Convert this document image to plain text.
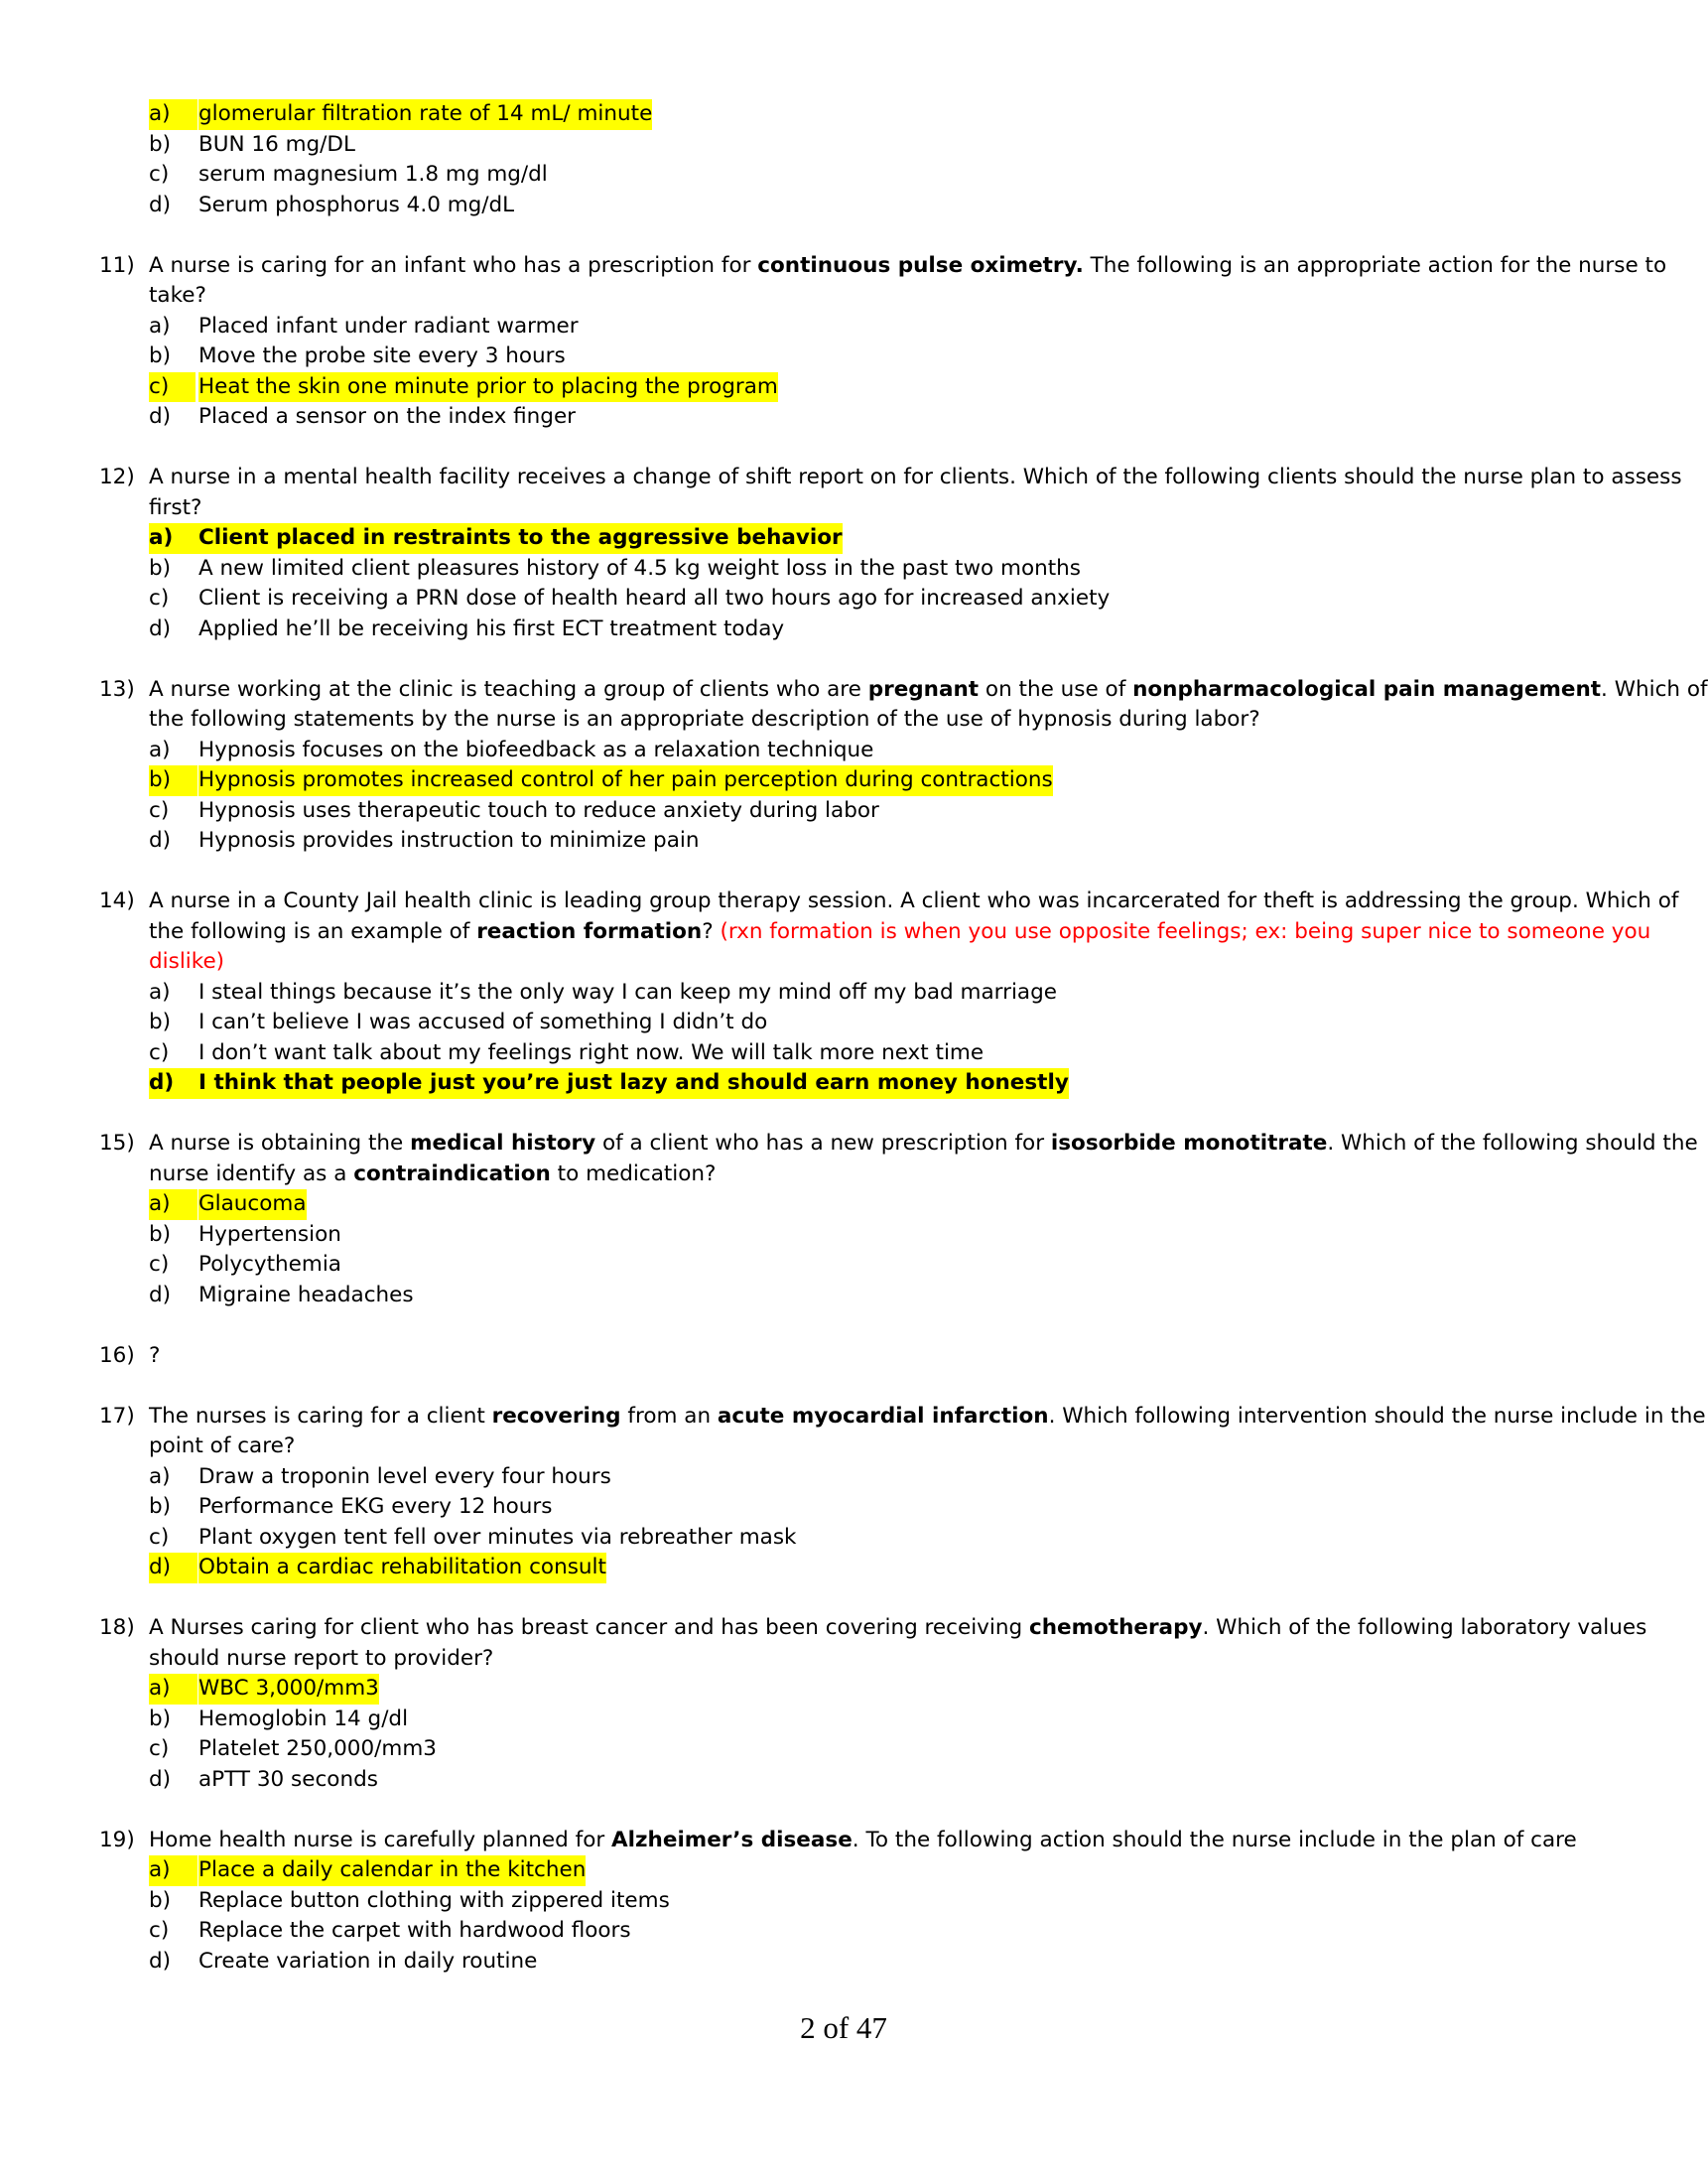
a)	glomerular filtration rate of 14 mL/ minute
b) BUN 16 mg/DL
c) serum magnesium 1.8 mg mg/dl
d) Serum phosphorus 4.0 mg/dL
11) A nurse is caring for an infant who has a prescription for continuous pulse oximetry. The following is an appropriate action for the nurse to
take?
a) Placed infant under radiant warmer
b) Move the probe site every 3 hours
c)	Heat the skin one minute prior to placing the program
d) Placed a sensor on the index finger
12) A nurse in a mental health facility receives a change of shift report on for clients. Which of the following clients should the nurse plan to assess
first?
a)	Client placed in restraints to the aggressive behavior
b) A new limited client pleasures history of 4.5 kg weight loss in the past two months
c) Client is receiving a PRN dose of health heard all two hours ago for increased anxiety
d) Applied he’ll be receiving his first ECT treatment today
13) A nurse working at the clinic is teaching a group of clients who are pregnant on the use of nonpharmacological pain management. Which of
the following statements by the nurse is an appropriate description of the use of hypnosis during labor?
a) Hypnosis focuses on the biofeedback as a relaxation technique
b)	Hypnosis promotes increased control of her pain perception during contractions
c) Hypnosis uses therapeutic touch to reduce anxiety during labor
d) Hypnosis provides instruction to minimize pain
14) A nurse in a County Jail health clinic is leading group therapy session. A client who was incarcerated for theft is addressing the group. Which of
the following is an example of reaction formation? (rxn formation is when you use opposite feelings; ex: being super nice to someone you
dislike)
a) I steal things because it’s the only way I can keep my mind off my bad marriage
b) I can’t believe I was accused of something I didn’t do
c) I don’t want talk about my feelings right now. We will talk more next time
d)	I think that people just you’re just lazy and should earn money honestly
15) A nurse is obtaining the medical history of a client who has a new prescription for isosorbide monotitrate. Which of the following should the
nurse identify as a contraindication to medication?
a)	Glaucoma
b) Hypertension
c) Polycythemia
d) Migraine headaches
16) ?
17) The nurses is caring for a client recovering from an acute myocardial infarction. Which following intervention should the nurse include in the
point of care?
a) Draw a troponin level every four hours
b) Performance EKG every 12 hours
c) Plant oxygen tent fell over minutes via rebreather mask
d)	Obtain a cardiac rehabilitation consult
18) A Nurses caring for client who has breast cancer and has been covering receiving chemotherapy. Which of the following laboratory values
should nurse report to provider?
a)	WBC 3,000/mm3
b) Hemoglobin 14 g/dl
c) Platelet 250,000/mm3
d) aPTT 30 seconds
19) Home health nurse is carefully planned for Alzheimer’s disease. To the following action should the nurse include in the plan of care
a)	Place a daily calendar in the kitchen
b) Replace button clothing with zippered items
c) Replace the carpet with hardwood floors
d) Create variation in daily routine
2 of 47
